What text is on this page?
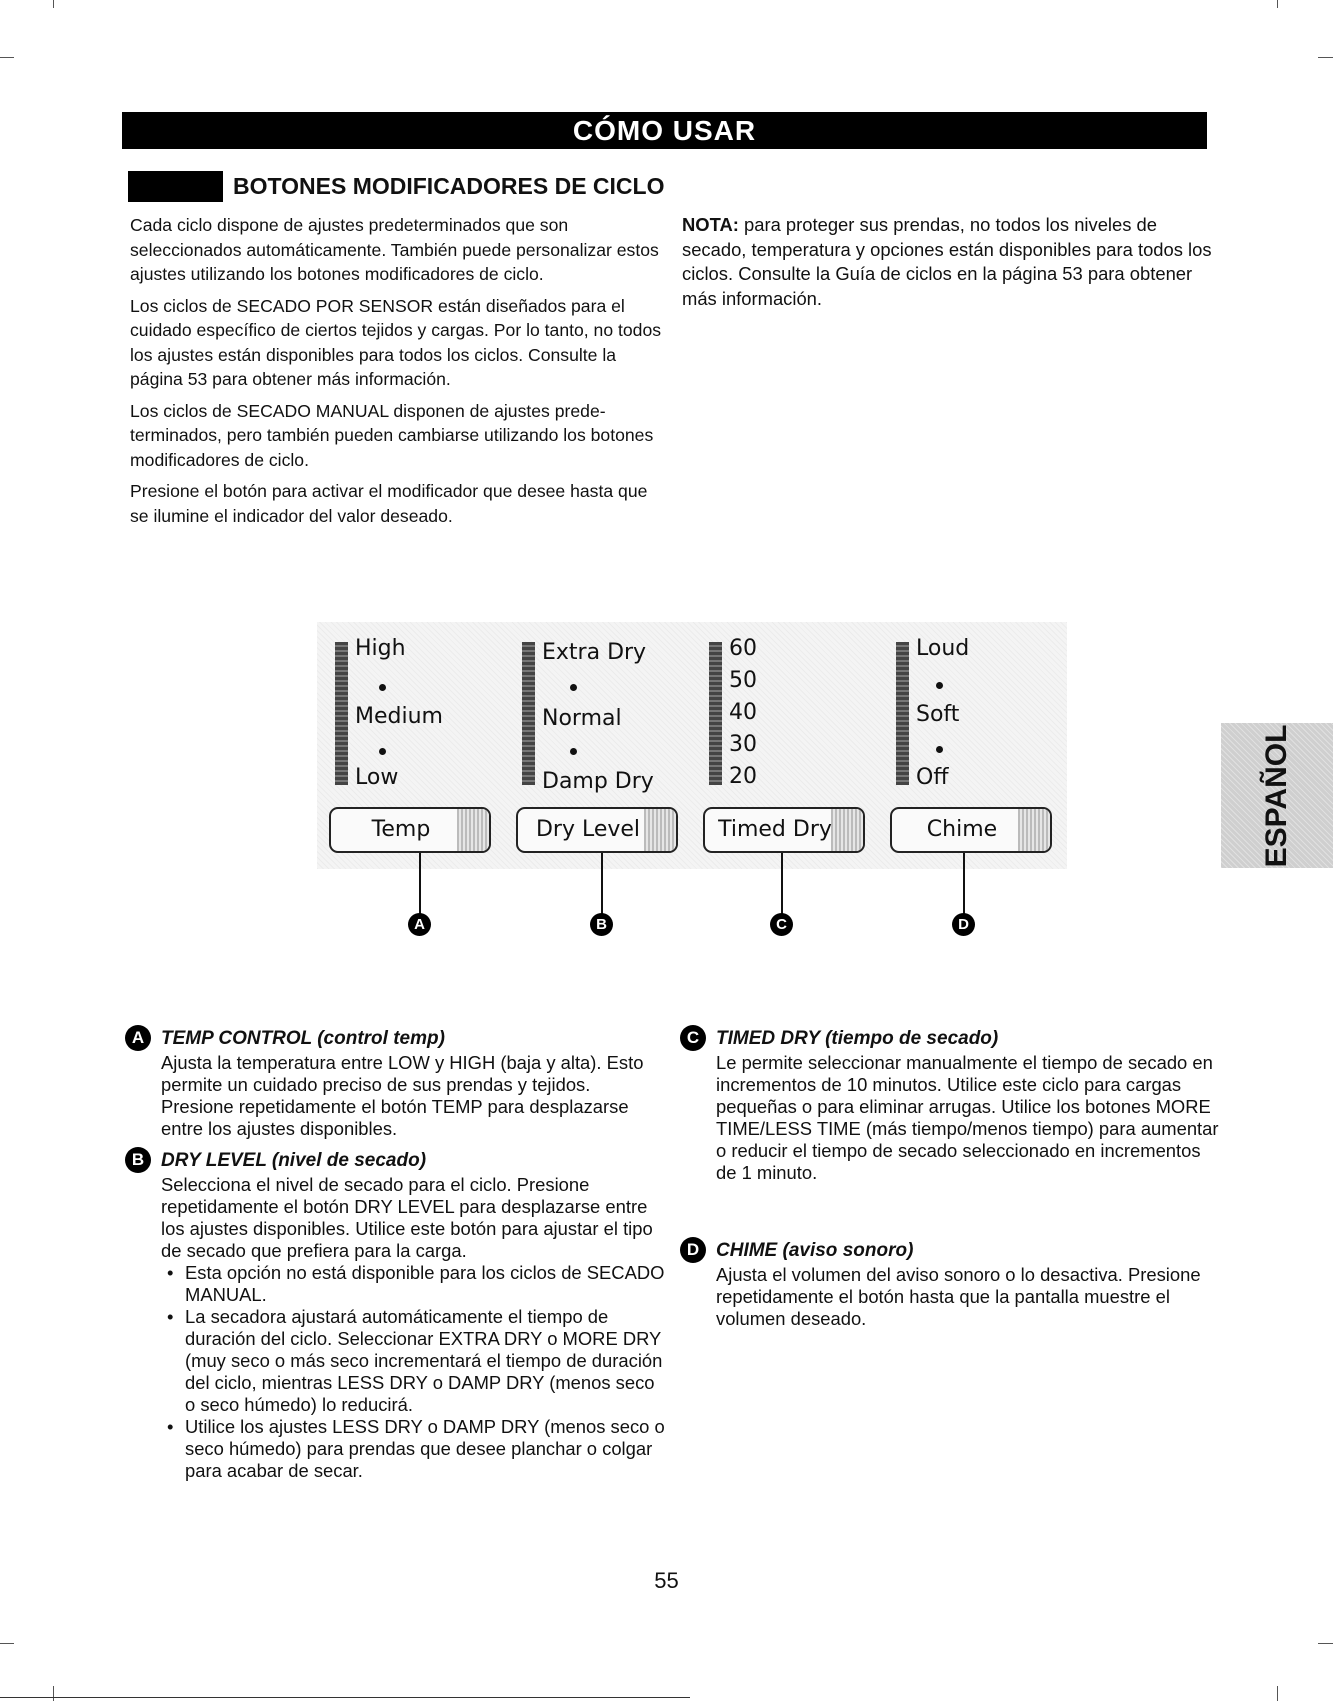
CÓMO USAR
BOTONES MODIFICADORES DE CICLO

Cada ciclo dispone de ajustes predeterminados que son seleccionados automáticamente. También puede personalizar estos ajustes utilizando los botones modificadores de ciclo.

Los ciclos de SECADO POR SENSOR están diseñados para el cuidado específico de ciertos tejidos y cargas. Por lo tanto, no todos los ajustes están disponibles para todos los ciclos. Consulte la página 53 para obtener más información.

Los ciclos de SECADO MANUAL disponen de ajustes prede- terminados, pero también pueden cambiarse utilizando los botones modificadores de ciclo.

Presione el botón para activar el modificador que desee hasta que se ilumine el indicador del valor deseado.

NOTA: para proteger sus prendas, no todos los niveles de secado, temperatura y opciones están disponibles para todos los ciclos. Consulte la Guía de ciclos en la página 53 para obtener más información.
High
Medium
Low
Temp
Extra Dry
Normal
Damp Dry
Dry Level
60
50
40
30
20
Timed Dry
Loud
Soft
Off
Chime
A	B	C	D
ESPAÑOL
A TEMP CONTROL (control temp)
Ajusta la temperatura entre LOW y HIGH (baja y alta). Esto permite un cuidado preciso de sus prendas y tejidos. Presione repetidamente el botón TEMP para desplazarse entre los ajustes disponibles.
B DRY LEVEL (nivel de secado)
Selecciona el nivel de secado para el ciclo. Presione repetidamente el botón DRY LEVEL para desplazarse entre los ajustes disponibles. Utilice este botón para ajustar el tipo de secado que prefiera para la carga.
• Esta opción no está disponible para los ciclos de SECADO MANUAL.
• La secadora ajustará automáticamente el tiempo de duración del ciclo. Seleccionar EXTRA DRY o MORE DRY (muy seco o más seco incrementará el tiempo de duración del ciclo, mientras LESS DRY o DAMP DRY (menos seco o seco húmedo) lo reducirá.
• Utilice los ajustes LESS DRY o DAMP DRY (menos seco o seco húmedo) para prendas que desee planchar o colgar para acabar de secar.
C TIMED DRY (tiempo de secado)
Le permite seleccionar manualmente el tiempo de secado en incrementos de 10 minutos. Utilice este ciclo para cargas pequeñas o para eliminar arrugas. Utilice los botones MORE TIME/LESS TIME (más tiempo/menos tiempo) para aumentar o reducir el tiempo de secado seleccionado en incrementos de 1 minuto.
D CHIME (aviso sonoro)
Ajusta el volumen del aviso sonoro o lo desactiva. Presione repetidamente el botón hasta que la pantalla muestre el volumen deseado.
55
